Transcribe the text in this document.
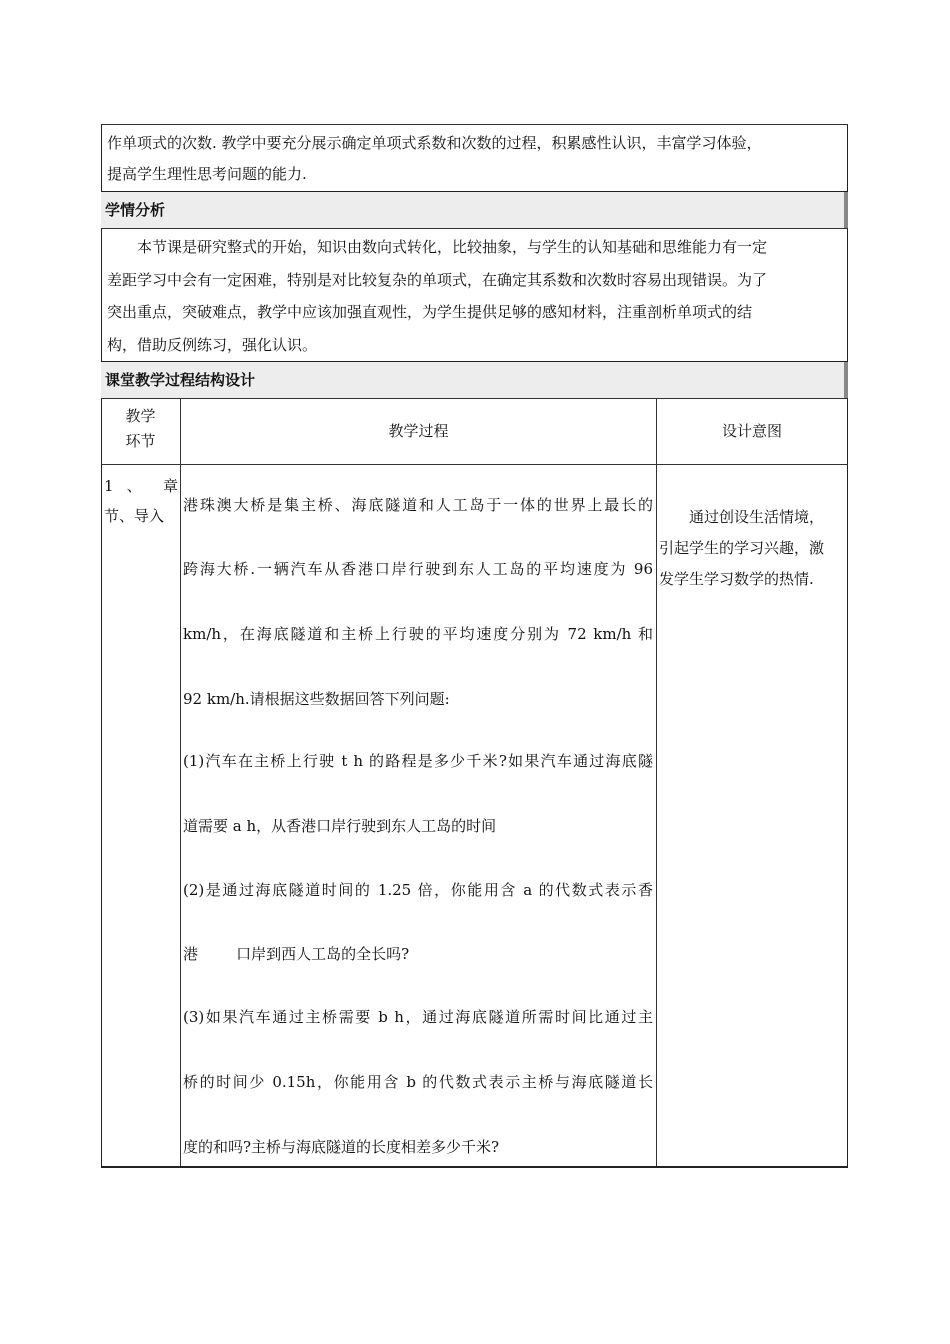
作单项式的次数. 教学中要充分展示确定单项式系数和次数的过程，积累感性认识，丰富学习体验，
提高学生理性思考问题的能力.
学情分析
本节课是研究整式的开始，知识由数向式转化，比较抽象，与学生的认知基础和思维能力有一定
差距学习中会有一定困难，特别是对比较复杂的单项式，在确定其系数和次数时容易出现错误。为了
突出重点，突破难点，教学中应该加强直观性，为学生提供足够的感知材料，注重剖析单项式的结
构，借助反例练习，强化认识。
课堂教学过程结构设计
教学
环节
教学过程	设计意图
1 、 章
节、导入
港珠澳大桥是集主桥、海底隧道和人工岛于一体的世界上最长的
跨海大桥.一辆汽车从香港口岸行驶到东人工岛的平均速度为 96
km/h，在海底隧道和主桥上行驶的平均速度分别为 72 km/h 和
92 km/h.请根据这些数据回答下列问题:
(1)汽车在主桥上行驶 t h 的路程是多少千米?如果汽车通过海底隧
道需要 a h，从香港口岸行驶到东人工岛的时间
(2)是通过海底隧道时间的 1.25 倍，你能用含 a 的代数式表示香
港        口岸到西人工岛的全长吗?
(3)如果汽车通过主桥需要 b h，通过海底隧道所需时间比通过主
桥的时间少 0.15h，你能用含 b 的代数式表示主桥与海底隧道长
度的和吗?主桥与海底隧道的长度相差多少千米?
通过创设生活情境，
引起学生的学习兴趣，激
发学生学习数学的热情.
